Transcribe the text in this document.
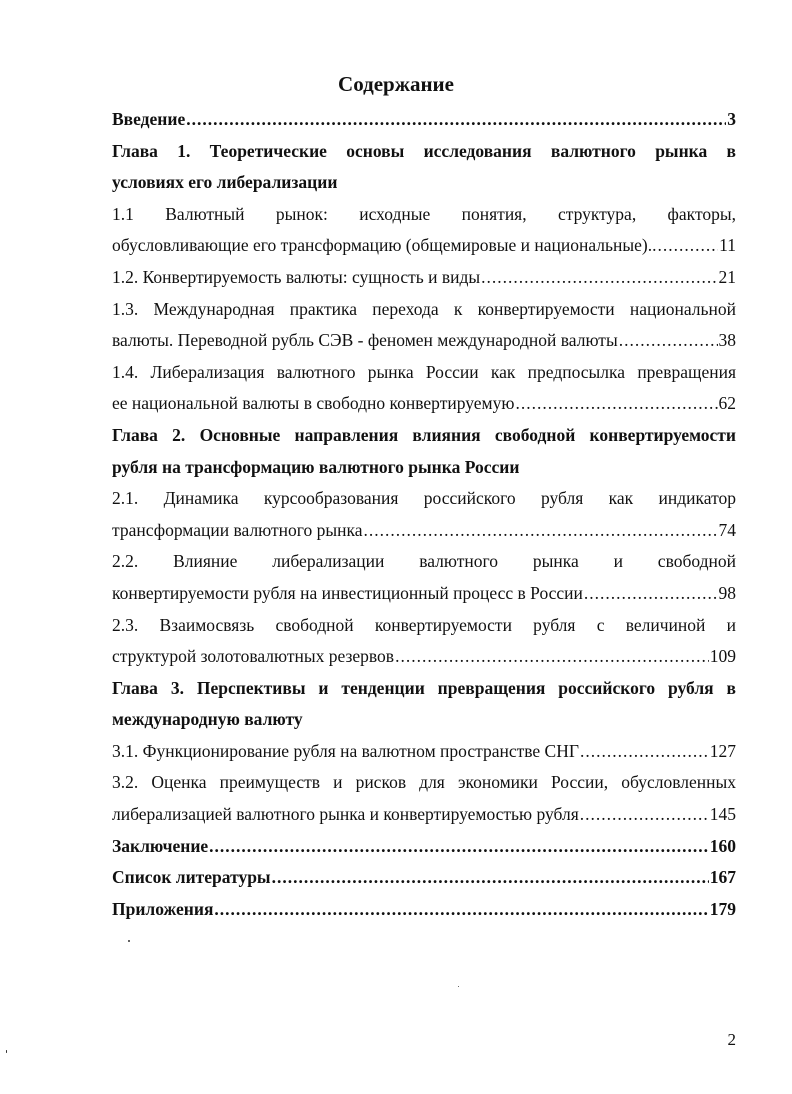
Содержание
Введение .....	3
Глава 1. Теоретические основы исследования валютного рынка в
условиях его либерализации
1.1 Валютный рынок: исходные понятия, структура, факторы,
обусловливающие его трансформацию (общемировые и национальные).. .....	11
1.2. Конвертируемость валюты: сущность и виды .....	21
1.3. Международная практика перехода к конвертируемости национальной
валюты. Переводной рубль СЭВ - феномен международной валюты .....	38
1.4. Либерализация валютного рынка России как предпосылка превращения
ее национальной валюты в свободно конвертируемую .....	62
Глава 2. Основные направления влияния свободной конвертируемости
рубля на трансформацию валютного рынка России
2.1. Динамика курсообразования российского рубля как индикатор
трансформации валютного рынка .....	74
2.2. Влияние либерализации валютного рынка и свободной
конвертируемости рубля на инвестиционный процесс в России .....	98
2.3. Взаимосвязь свободной конвертируемости рубля с величиной и
структурой золотовалютных резервов .....	109
Глава 3. Перспективы и тенденции превращения российского рубля в
международную валюту
3.1. Функционирование рубля на валютном пространстве СНГ .....	127
3.2. Оценка преимуществ и рисков для экономики России, обусловленных
либерализацией валютного рынка и конвертируемостью рубля .....	145
Заключение .....	160
Список литературы .....	167
Приложения .....	179
2
